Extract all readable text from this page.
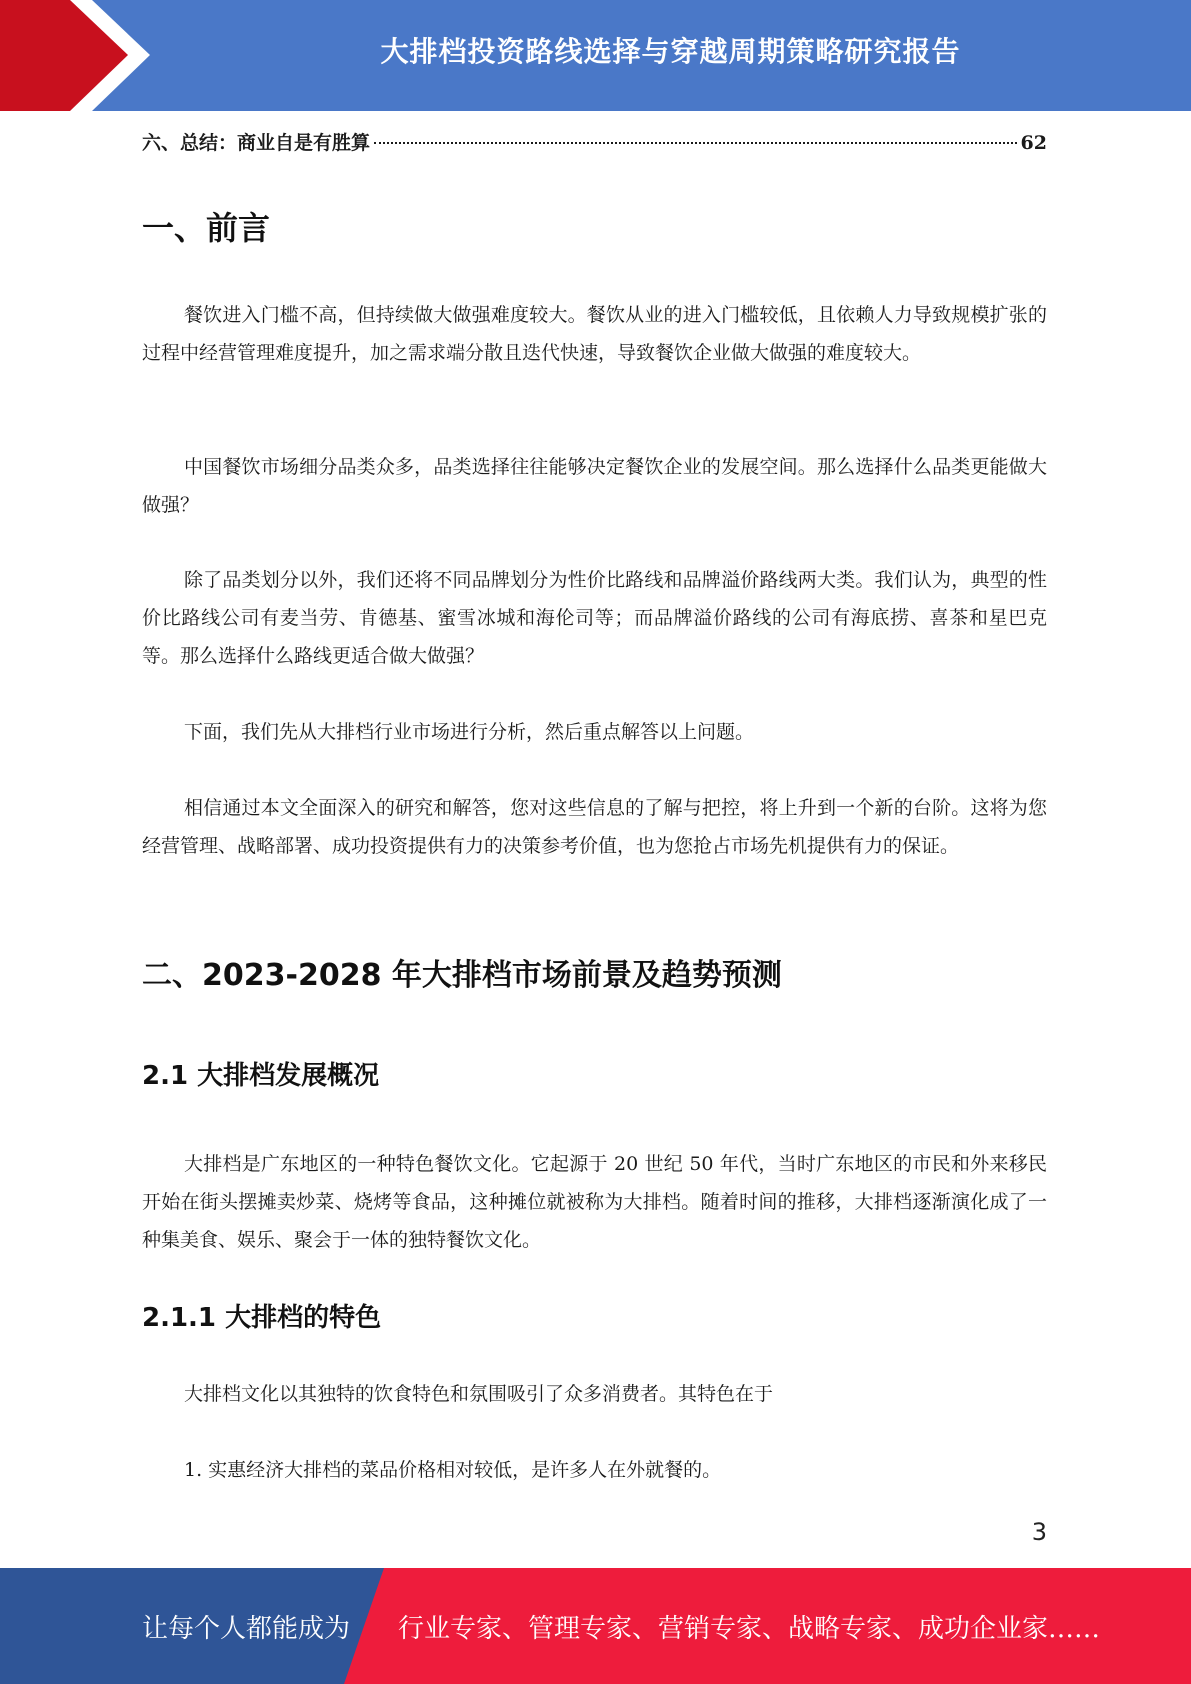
大排档投资路线选择与穿越周期策略研究报告
六、总结：商业自是有胜算	62
一、前言

餐饮进入门槛不高，但持续做大做强难度较大。餐饮从业的进入门槛较低，且依赖人力导致规模扩张的过程中经营管理难度提升，加之需求端分散且迭代快速，导致餐饮企业做大做强的难度较大。

中国餐饮市场细分品类众多，品类选择往往能够决定餐饮企业的发展空间。那么选择什么品类更能做大做强？

除了品类划分以外，我们还将不同品牌划分为性价比路线和品牌溢价路线两大类。我们认为，典型的性价比路线公司有麦当劳、肯德基、蜜雪冰城和海伦司等；而品牌溢价路线的公司有海底捞、喜茶和星巴克等。那么选择什么路线更适合做大做强？

下面，我们先从大排档行业市场进行分析，然后重点解答以上问题。

相信通过本文全面深入的研究和解答，您对这些信息的了解与把控，将上升到一个新的台阶。这将为您经营管理、战略部署、成功投资提供有力的决策参考价值，也为您抢占市场先机提供有力的保证。

二、2023-2028 年大排档市场前景及趋势预测
2.1 大排档发展概况

大排档是广东地区的一种特色餐饮文化。它起源于 20 世纪 50 年代，当时广东地区的市民和外来移民开始在街头摆摊卖炒菜、烧烤等食品，这种摊位就被称为大排档。随着时间的推移，大排档逐渐演化成了一种集美食、娱乐、聚会于一体的独特餐饮文化。

2.1.1 大排档的特色

大排档文化以其独特的饮食特色和氛围吸引了众多消费者。其特色在于

1. 实惠经济大排档的菜品价格相对较低，是许多人在外就餐的。

3
让每个人都能成为 行业专家、管理专家、营销专家、战略专家、成功企业家……
